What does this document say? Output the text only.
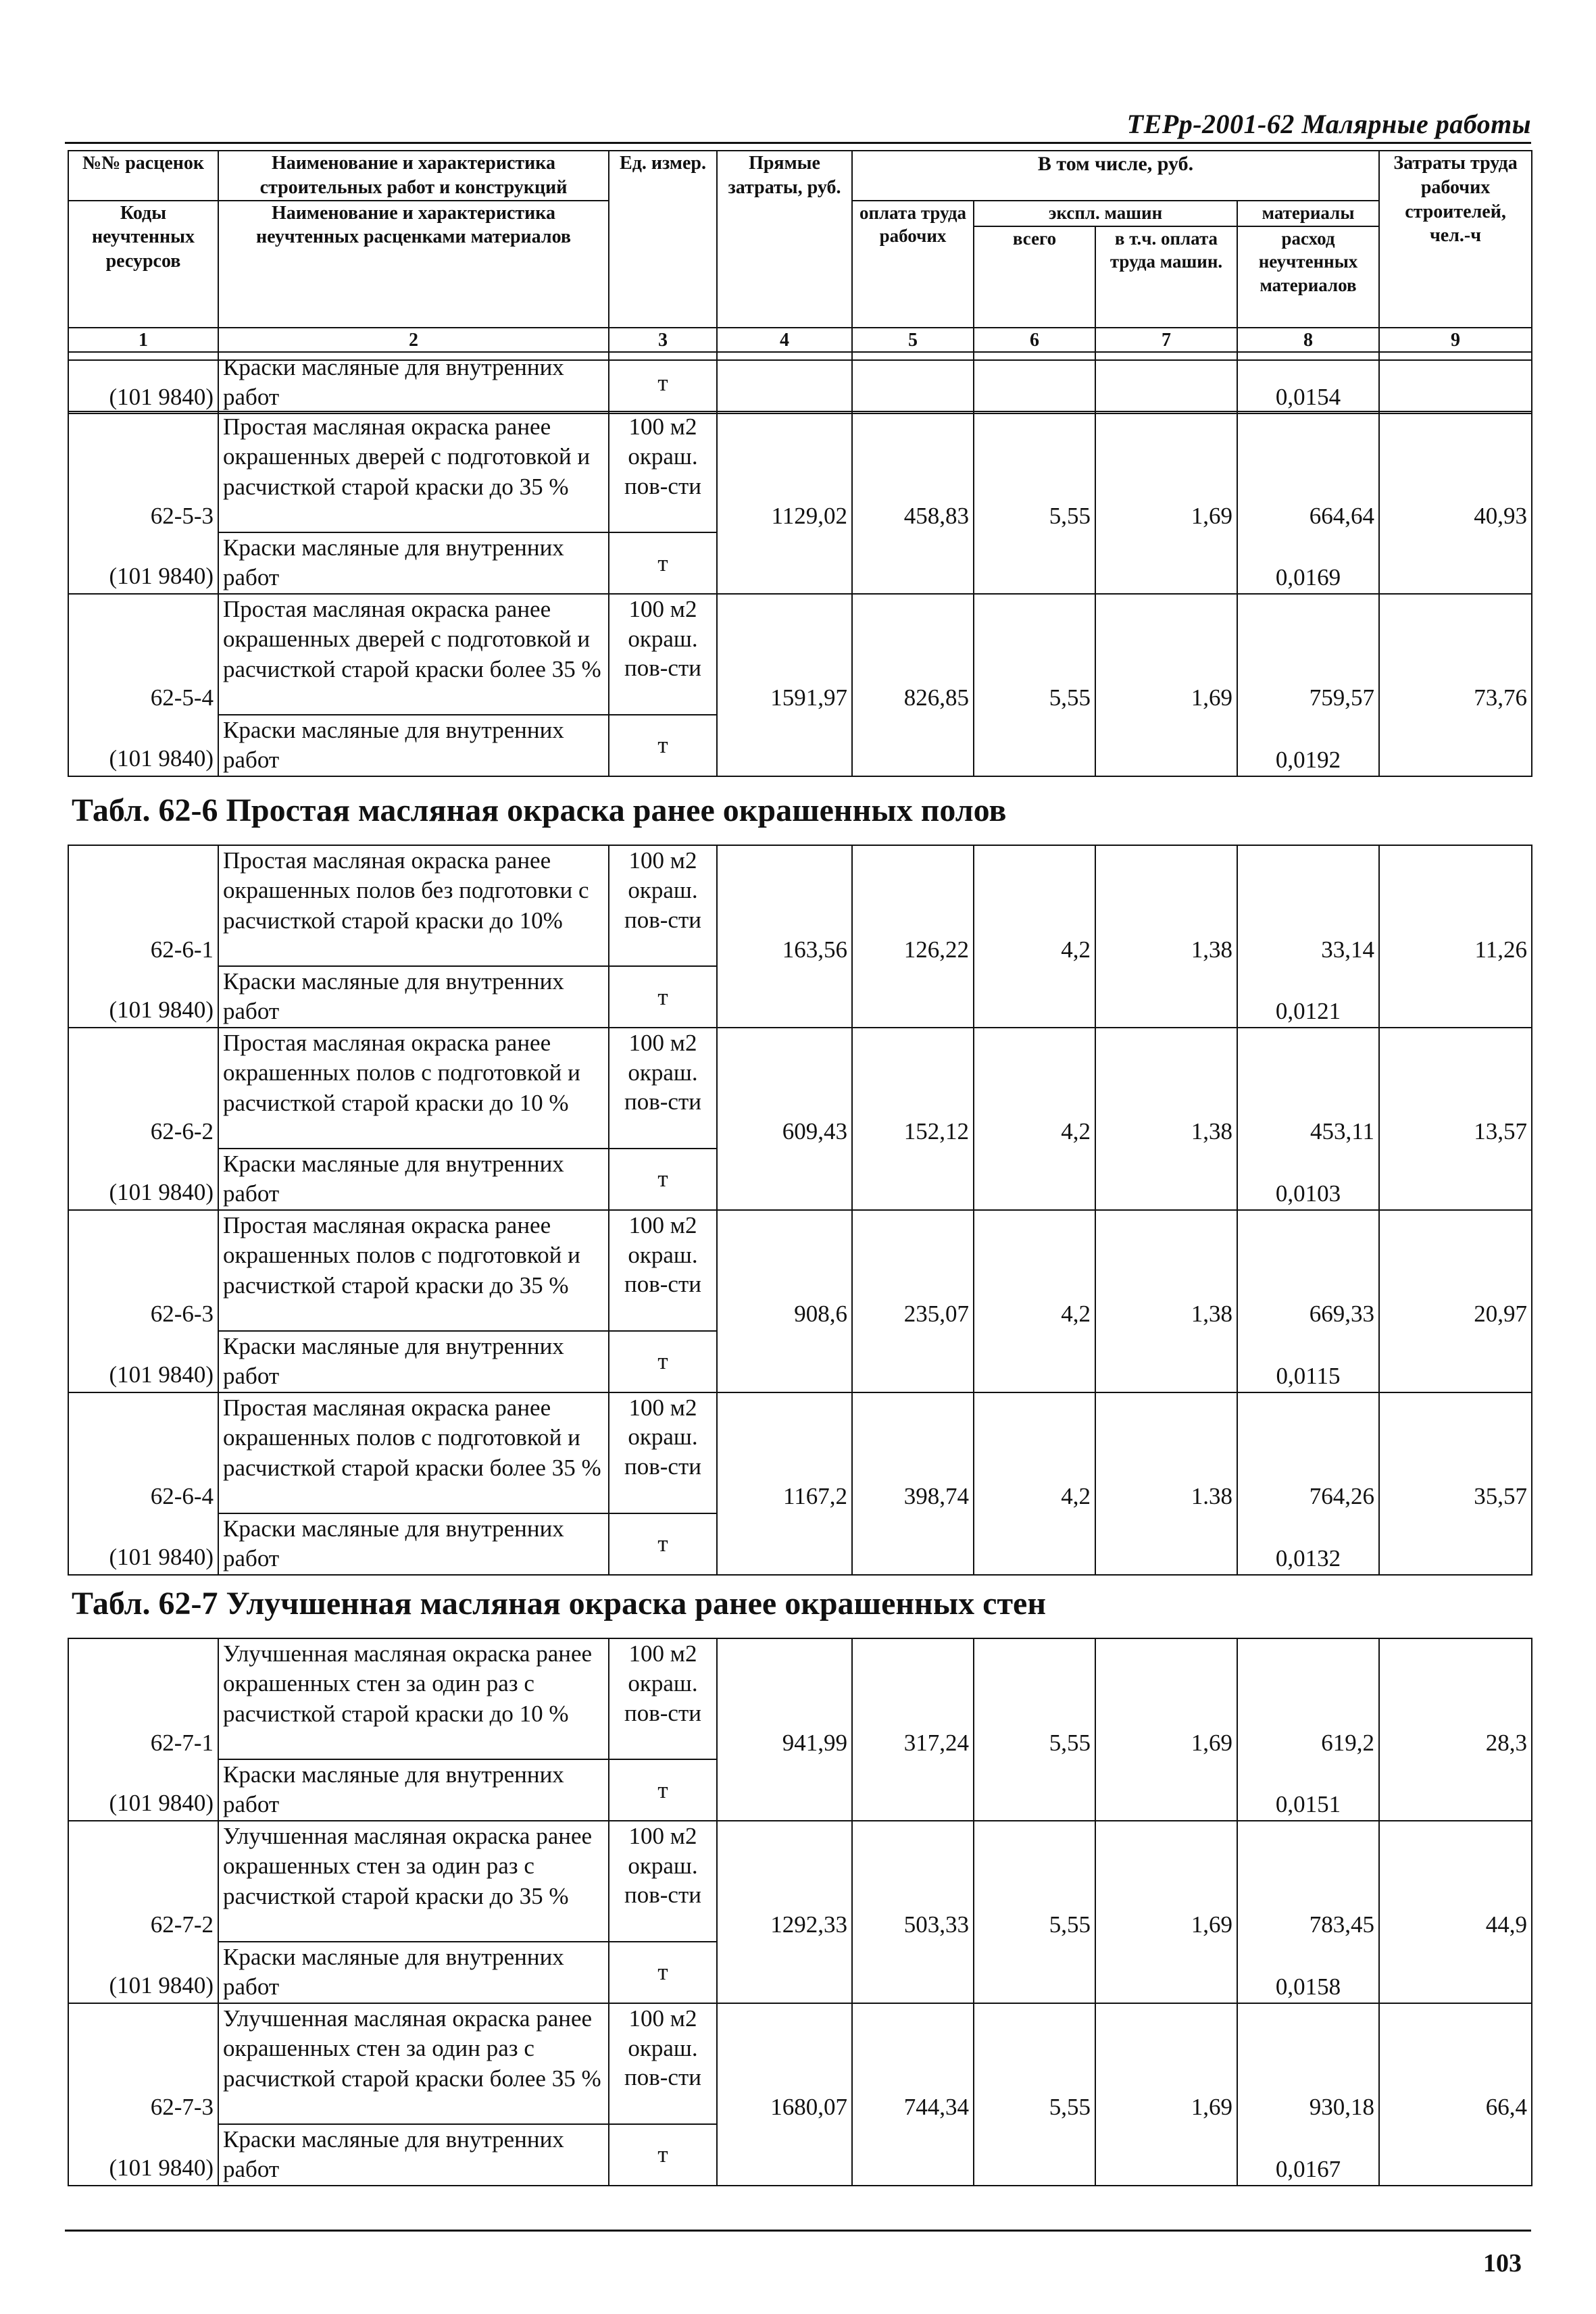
ТЕРр-2001-62 Малярные работы
№№ расценок	Наименование и характеристика строительных работ и конструкций	Ед. измер.	Прямые затраты, руб.	В том числе, руб.				Затраты труда рабочих строителей, чел.-ч
Коды неучтенных ресурсов	Наименование и характеристика неучтенных расценками материалов			оплата труда рабочих	экспл. машин		материалы	
					всего	в т.ч. оплата труда машин.	расход неучтенных материалов	
1	2	3	4	5	6	7	8	9
(101 9840)	Краски масляные для внутренних работ	т					0,0154	
62-5-3	Простая масляная окраска ранее окрашенных дверей с подготовкой и расчисткой старой краски до 35 %	100 м2 окраш. пов-сти	1129,02	458,83	5,55	1,69	664,64	40,93
(101 9840)	Краски масляные для внутренних работ	т					0,0169	
62-5-4	Простая масляная окраска ранее окрашенных дверей с подготовкой и расчисткой старой краски более 35 %	100 м2 окраш. пов-сти	1591,97	826,85	5,55	1,69	759,57	73,76
(101 9840)	Краски масляные для внутренних работ	т					0,0192	
Табл. 62-6 Простая масляная окраска ранее окрашенных полов
62-6-1	Простая масляная окраска ранее окрашенных полов без подготовки с расчисткой старой краски до 10%	100 м2 окраш. пов-сти	163,56	126,22	4,2	1,38	33,14	11,26
(101 9840)	Краски масляные для внутренних работ	т					0,0121	
62-6-2	Простая масляная окраска ранее окрашенных полов с подготовкой и расчисткой старой краски до 10 %	100 м2 окраш. пов-сти	609,43	152,12	4,2	1,38	453,11	13,57
(101 9840)	Краски масляные для внутренних работ	т					0,0103	
62-6-3	Простая масляная окраска ранее окрашенных полов с подготовкой и расчисткой старой краски до 35 %	100 м2 окраш. пов-сти	908,6	235,07	4,2	1,38	669,33	20,97
(101 9840)	Краски масляные для внутренних работ	т					0,0115	
62-6-4	Простая масляная окраска ранее окрашенных полов с подготовкой и расчисткой старой краски более 35 %	100 м2 окраш. пов-сти	1167,2	398,74	4,2	1.38	764,26	35,57
(101 9840)	Краски масляные для внутренних работ	т					0,0132	
Табл. 62-7 Улучшенная масляная окраска ранее окрашенных стен
62-7-1	Улучшенная масляная окраска ранее окрашенных стен за один раз с расчисткой старой краски до 10 %	100 м2 окраш. пов-сти	941,99	317,24	5,55	1,69	619,2	28,3
(101 9840)	Краски масляные для внутренних работ	т					0,0151	
62-7-2	Улучшенная масляная окраска ранее окрашенных стен за один раз с расчисткой старой краски до 35 %	100 м2 окраш. пов-сти	1292,33	503,33	5,55	1,69	783,45	44,9
(101 9840)	Краски масляные для внутренних работ	т					0,0158	
62-7-3	Улучшенная масляная окраска ранее окрашенных стен за один раз с расчисткой старой краски более 35 %	100 м2 окраш. пов-сти	1680,07	744,34	5,55	1,69	930,18	66,4
(101 9840)	Краски масляные для внутренних работ	т					0,0167	
103
